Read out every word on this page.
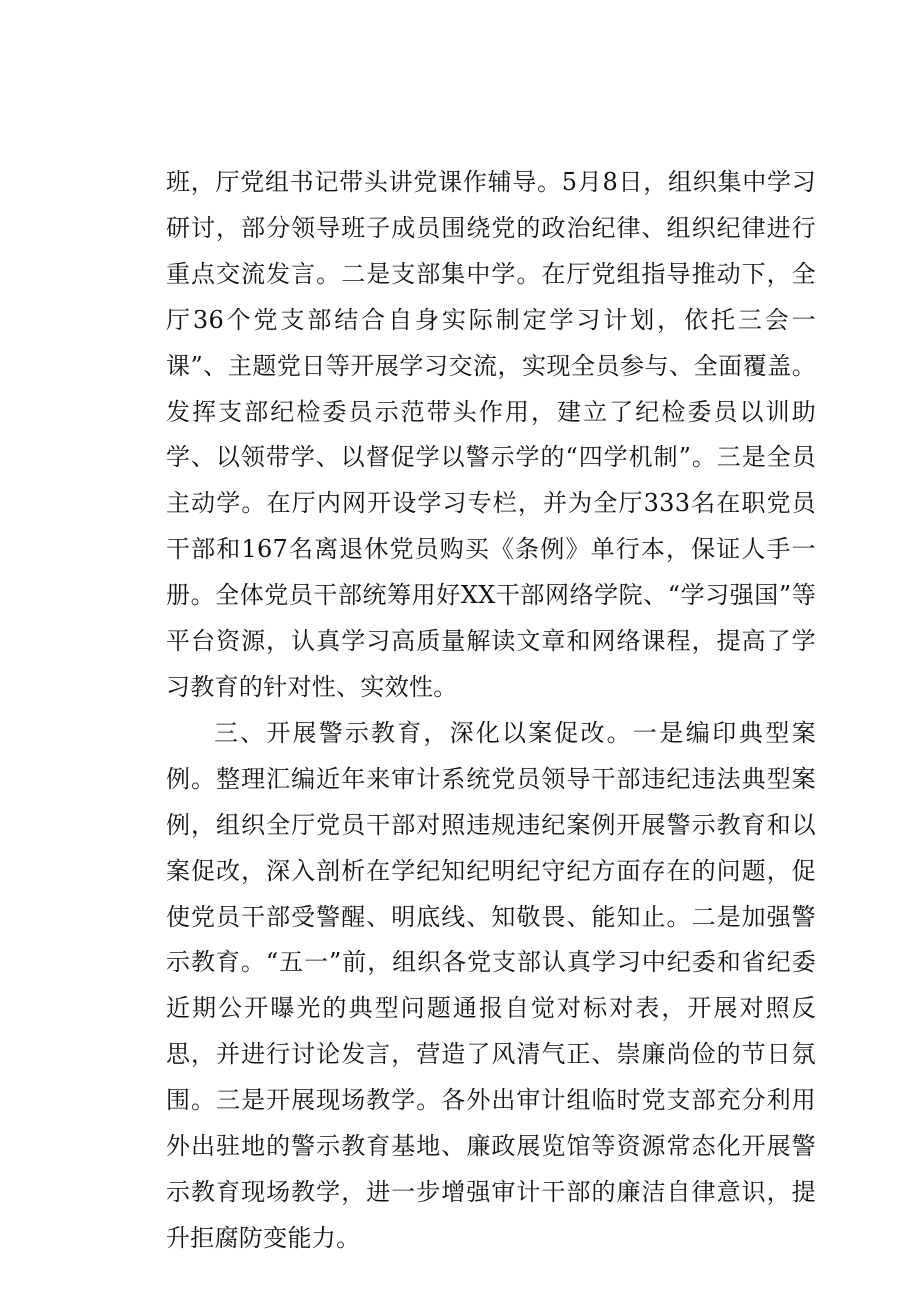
班，厅党组书记带头讲党课作辅导。5月8日，组织集中学习研讨，部分领导班子成员围绕党的政治纪律、组织纪律进行重点交流发言。二是支部集中学。在厅党组指导推动下，全厅36个党支部结合自身实际制定学习计划，依托三会一课”、主题党日等开展学习交流，实现全员参与、全面覆盖。发挥支部纪检委员示范带头作用，建立了纪检委员以训助学、以领带学、以督促学以警示学的“四学机制”。三是全员主动学。在厅内网开设学习专栏，并为全厅333名在职党员干部和167名离退休党员购买《条例》单行本，保证人手一册。全体党员干部统筹用好XX干部网络学院、“学习强国”等平台资源，认真学习高质量解读文章和网络课程，提高了学习教育的针对性、实效性。

三、开展警示教育，深化以案促改。一是编印典型案例。整理汇编近年来审计系统党员领导干部违纪违法典型案例，组织全厅党员干部对照违规违纪案例开展警示教育和以案促改，深入剖析在学纪知纪明纪守纪方面存在的问题，促使党员干部受警醒、明底线、知敬畏、能知止。二是加强警示教育。“五一”前，组织各党支部认真学习中纪委和省纪委近期公开曝光的典型问题通报自觉对标对表，开展对照反思，并进行讨论发言，营造了风清气正、崇廉尚俭的节日氛围。三是开展现场教学。各外出审计组临时党支部充分利用外出驻地的警示教育基地、廉政展览馆等资源常态化开展警示教育现场教学，进一步增强审计干部的廉洁自律意识，提升拒腐防变能力。
